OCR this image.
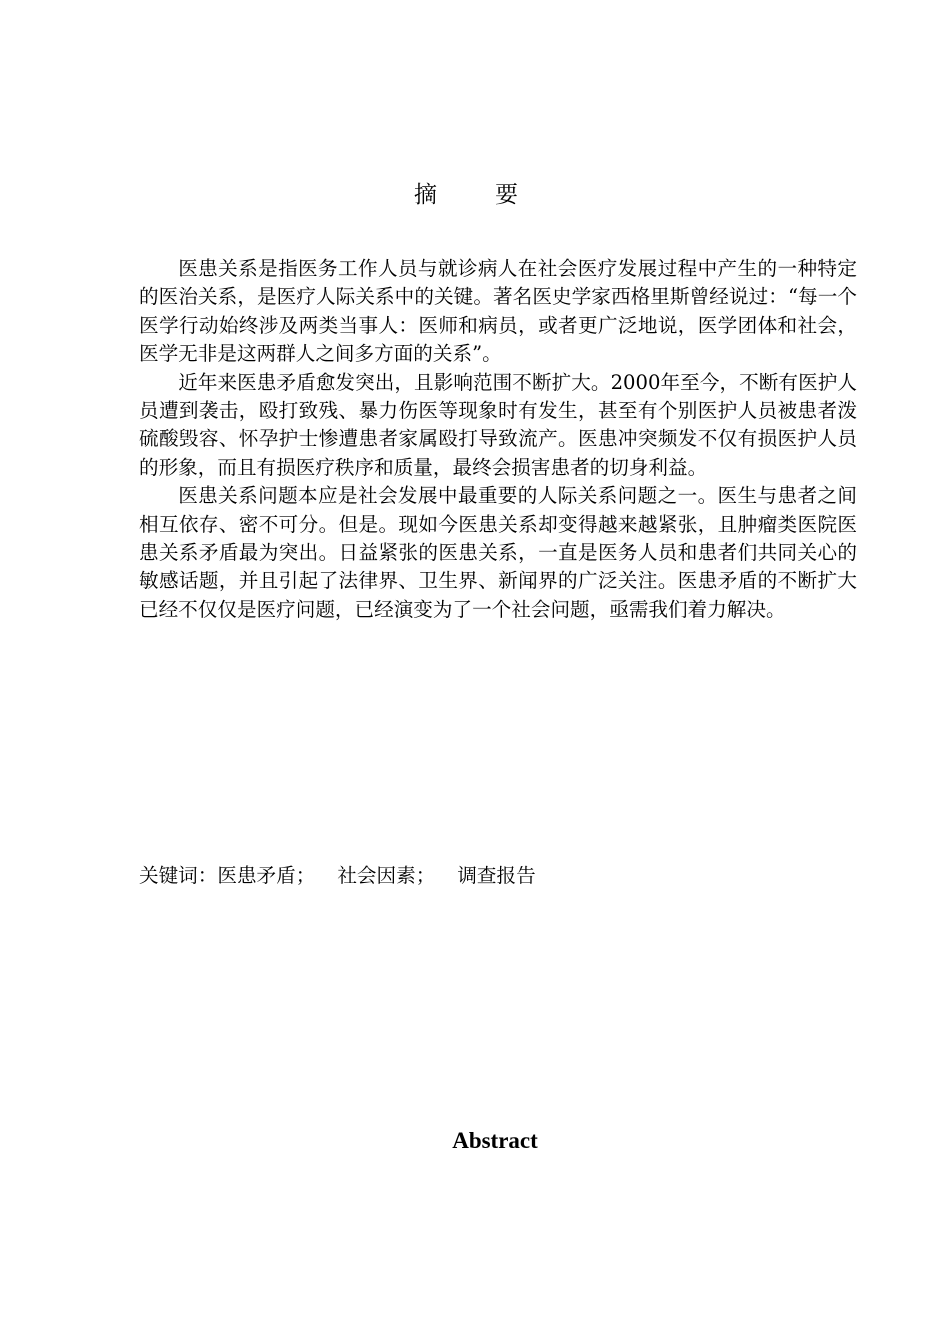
摘要

医患关系是指医务工作人员与就诊病人在社会医疗发展过程中产生的一种特定的医治关系，是医疗人际关系中的关键。著名医史学家西格里斯曾经说过：“每一个医学行动始终涉及两类当事人：医师和病员，或者更广泛地说，医学团体和社会，医学无非是这两群人之间多方面的关系”。

近年来医患矛盾愈发突出，且影响范围不断扩大。2000年至今，不断有医护人员遭到袭击，殴打致残、暴力伤医等现象时有发生，甚至有个别医护人员被患者泼硫酸毁容、怀孕护士惨遭患者家属殴打导致流产。医患冲突频发不仅有损医护人员的形象，而且有损医疗秩序和质量，最终会损害患者的切身利益。

医患关系问题本应是社会发展中最重要的人际关系问题之一。医生与患者之间相互依存、密不可分。但是。现如今医患关系却变得越来越紧张，且肿瘤类医院医患关系矛盾最为突出。日益紧张的医患关系，一直是医务人员和患者们共同关心的敏感话题，并且引起了法律界、卫生界、新闻界的广泛关注。医患矛盾的不断扩大已经不仅仅是医疗问题，已经演变为了一个社会问题，亟需我们着力解决。

关键词：医患矛盾； 社会因素； 调查报告
Abstract
